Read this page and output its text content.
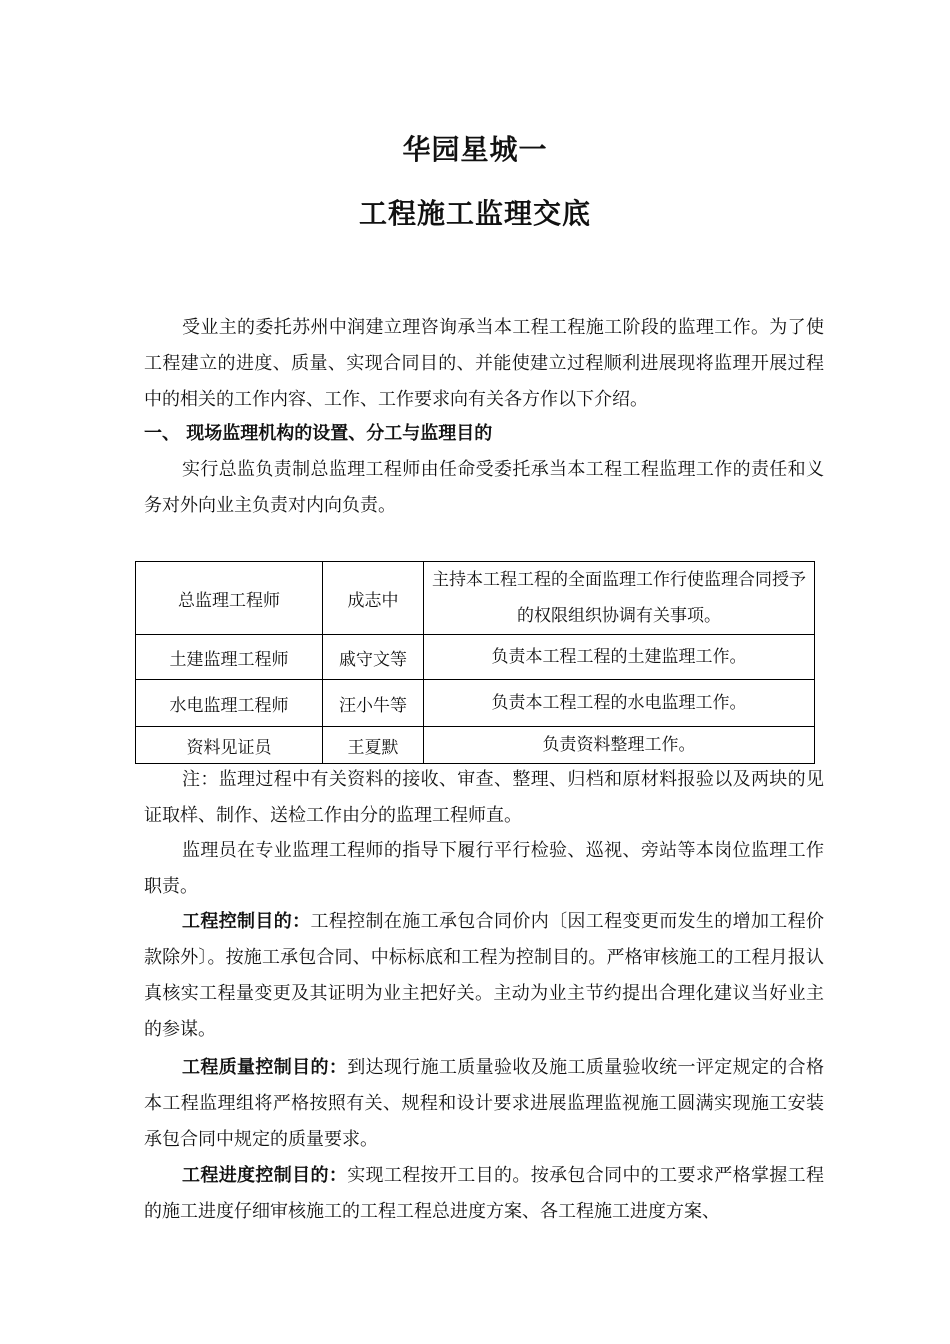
华园星城一
工程施工监理交底

受业主的委托苏州中润建立理咨询承当本工程工程施工阶段的监理工作。为了使工程建立的进度、质量、实现合同目的、并能使建立过程顺利进展现将监理开展过程中的相关的工作内容、工作、工作要求向有关各方作以下介绍。

一、 现场监理机构的设置、分工与监理目的

实行总监负责制总监理工程师由任命受委托承当本工程工程监理工作的责任和义务对外向业主负责对内向负责。

总监理工程师	成志中	主持本工程工程的全面监理工作行使监理合同授予的权限组织协调有关事项。
土建监理工程师	戚守文等	负责本工程工程的土建监理工作。
水电监理工程师	汪小牛等	负责本工程工程的水电监理工作。
资料见证员	王夏默	负责资料整理工作。

注：监理过程中有关资料的接收、审查、整理、归档和原材料报验以及两块的见证取样、制作、送检工作由分的监理工程师直。

监理员在专业监理工程师的指导下履行平行检验、巡视、旁站等本岗位监理工作职责。

工程控制目的：工程控制在施工承包合同价内〔因工程变更而发生的增加工程价款除外〕。按施工承包合同、中标标底和工程为控制目的。严格审核施工的工程月报认真核实工程量变更及其证明为业主把好关。主动为业主节约提出合理化建议当好业主的参谋。

工程质量控制目的：到达现行施工质量验收及施工质量验收统一评定规定的合格本工程监理组将严格按照有关、规程和设计要求进展监理监视施工圆满实现施工安装承包合同中规定的质量要求。

工程进度控制目的：实现工程按开工目的。按承包合同中的工要求严格掌握工程的施工进度仔细审核施工的工程工程总进度方案、各工程施工进度方案、
